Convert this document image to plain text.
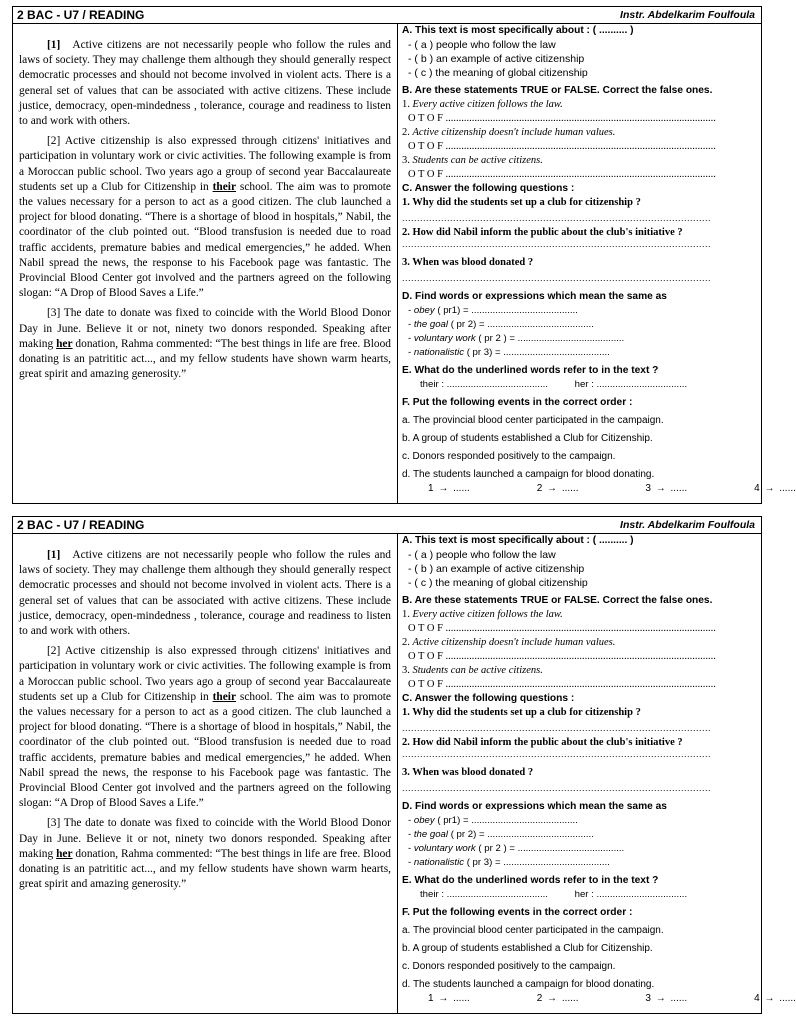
2 BAC - U7 / READING	Instr. Abdelkarim Foulfoula

[1] Active citizens are not necessarily people who follow the rules and laws of society. They may challenge them although they should generally respect democratic processes and should not become involved in violent acts. There is a general set of values that can be associated with active citizens. These include justice, democracy, open-mindedness , tolerance, courage and readiness to listen to and work with others.

[2] Active citizenship is also expressed through citizens' initiatives and participation in voluntary work or civic activities. The following example is from a Moroccan public school. Two years ago a group of second year Baccalaureate students set up a Club for Citizenship in their school. The aim was to promote the values necessary for a person to act as a good citizen. The club launched a project for blood donating. “There is a shortage of blood in hospitals,” Nabil, the coordinator of the club pointed out. “Blood transfusion is needed due to road traffic accidents, premature babies and medical emergencies,” he added. When Nabil spread the news, the response to his Facebook page was fantastic. The Provincial Blood Center got involved and the partners agreed on the following slogan: “A Drop of Blood Saves a Life.”

[3] The date to donate was fixed to coincide with the World Blood Donor Day in June. Believe it or not, ninety two donors responded. Speaking after making her donation, Rahma commented: “The best things in life are free. Blood donating is an patrititic act..., and my fellow students have shown warm hearts, great spirit and amazing generosity.”

A. This text is most specifically about : ( .......... )
- ( a ) people who follow the law
- ( b ) an example of active citizenship
- ( c ) the meaning of global citizenship
B. Are these statements TRUE or FALSE. Correct the false ones.
1. Every active citizen follows the law.
O T O F .......................................................................................................
2. Active citizenship doesn't include human values.
O T O F .......................................................................................................
3. Students can be active citizens.
O T O F .......................................................................................................
C. Answer the following questions :
1. Why did the students set up a club for citizenship ?
.......................................................................................................
2. How did Nabil inform the public about the club's initiative ?
.......................................................................................................
3. When was blood donated ?
.......................................................................................................
D. Find words or expressions which mean the same as
- obey ( pr1) = ........................................
- the goal ( pr 2) = ........................................
- voluntary work ( pr 2 ) = ........................................
- nationalistic ( pr 3) = ........................................
E. What do the underlined words refer to in the text ?
their : ......................................	her : ..................................
F. Put the following events in the correct order :
a. The provincial blood center participated in the campaign.
b. A group of students established a Club for Citizenship.
c. Donors responded positively to the campaign.
d. The students launched a campaign for blood donating.
1 → ......	2 → ......	3 → ......	4 → ......
2 BAC - U7 / READING	Instr. Abdelkarim Foulfoula

[1] Active citizens are not necessarily people who follow the rules and laws of society. They may challenge them although they should generally respect democratic processes and should not become involved in violent acts. There is a general set of values that can be associated with active citizens. These include justice, democracy, open-mindedness , tolerance, courage and readiness to listen to and work with others.

[2] Active citizenship is also expressed through citizens' initiatives and participation in voluntary work or civic activities. The following example is from a Moroccan public school. Two years ago a group of second year Baccalaureate students set up a Club for Citizenship in their school. The aim was to promote the values necessary for a person to act as a good citizen. The club launched a project for blood donating. “There is a shortage of blood in hospitals,” Nabil, the coordinator of the club pointed out. “Blood transfusion is needed due to road traffic accidents, premature babies and medical emergencies,” he added. When Nabil spread the news, the response to his Facebook page was fantastic. The Provincial Blood Center got involved and the partners agreed on the following slogan: “A Drop of Blood Saves a Life.”

[3] The date to donate was fixed to coincide with the World Blood Donor Day in June. Believe it or not, ninety two donors responded. Speaking after making her donation, Rahma commented: “The best things in life are free. Blood donating is an patrititic act..., and my fellow students have shown warm hearts, great spirit and amazing generosity.”

A. This text is most specifically about : ( .......... )
- ( a ) people who follow the law
- ( b ) an example of active citizenship
- ( c ) the meaning of global citizenship
B. Are these statements TRUE or FALSE. Correct the false ones.
1. Every active citizen follows the law.
O T O F .......................................................................................................
2. Active citizenship doesn't include human values.
O T O F .......................................................................................................
3. Students can be active citizens.
O T O F .......................................................................................................
C. Answer the following questions :
1. Why did the students set up a club for citizenship ?
.......................................................................................................
2. How did Nabil inform the public about the club's initiative ?
.......................................................................................................
3. When was blood donated ?
.......................................................................................................
D. Find words or expressions which mean the same as
- obey ( pr1) = ........................................
- the goal ( pr 2) = ........................................
- voluntary work ( pr 2 ) = ........................................
- nationalistic ( pr 3) = ........................................
E. What do the underlined words refer to in the text ?
their : ......................................	her : ..................................
F. Put the following events in the correct order :
a. The provincial blood center participated in the campaign.
b. A group of students established a Club for Citizenship.
c. Donors responded positively to the campaign.
d. The students launched a campaign for blood donating.
1 → ......	2 → ......	3 → ......	4 → ......
